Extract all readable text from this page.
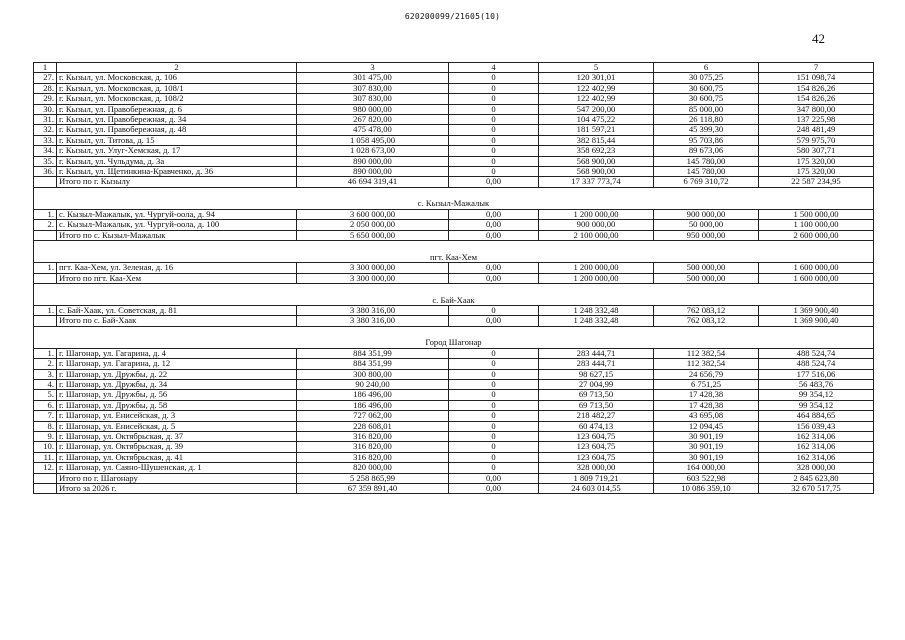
620200099/21605(10)
42
1	2	3	4	5	6	7
27.	г. Кызыл, ул. Московская, д. 106	301 475,00	0	120 301,01	30 075,25	151 098,74
28.	г. Кызыл, ул. Московская, д. 108/1	307 830,00	0	122 402,99	30 600,75	154 826,26
29.	г. Кызыл, ул. Московская, д. 108/2	307 830,00	0	122 402,99	30 600,75	154 826,26
30.	г. Кызыл, ул. Правобережная, д. 6	980 000,00	0	547 200,00	85 000,00	347 800,00
31.	г. Кызыл, ул. Правобережная, д. 34	267 820,00	0	104 475,22	26 118,80	137 225,98
32.	г. Кызыл, ул. Правобережная, д. 48	475 478,00	0	181 597,21	45 399,30	248 481,49
33.	г. Кызыл, ул. Титова, д. 15	1 058 495,00	0	382 815,44	95 703,86	579 975,70
34.	г. Кызыл, ул. Улуг-Хемская, д. 17	1 028 673,00	0	358 692,23	89 673,06	580 307,71
35.	г. Кызыл, ул. Чульдума, д. 3а	890 000,00	0	568 900,00	145 780,00	175 320,00
36.	г. Кызыл, ул. Щетинкина-Кравченко, д. 36	890 000,00	0	568 900,00	145 780,00	175 320,00
	Итого по г. Кызылу	46 694 319,41	0,00	17 337 773,74	6 769 310,72	22 587 234,95
с. Кызыл-Мажалык						
1.	с. Кызыл-Мажалык, ул. Чургуй-оола, д. 94	3 600 000,00	0,00	1 200 000,00	900 000,00	1 500 000,00
2.	с. Кызыл-Мажалык, ул. Чургуй-оола, д. 100	2 050 000,00	0,00	900 000,00	50 000,00	1 100 000,00
	Итого по с. Кызыл-Мажалык	5 650 000,00	0,00	2 100 000,00	950 000,00	2 600 000,00
пгт. Каа-Хем						
1.	пгт. Каа-Хем, ул. Зеленая, д. 16	3 300 000,00	0,00	1 200 000,00	500 000,00	1 600 000,00
	Итого по пгт. Каа-Хем	3 300 000,00	0,00	1 200 000,00	500 000,00	1 600 000,00
с. Бай-Хаак						
1.	с. Бай-Хаак, ул. Советская, д. 81	3 380 316,00	0	1 248 332,48	762 083,12	1 369 900,40
	Итого по с. Бай-Хаак	3 380 316,00	0,00	1 248 332,48	762 083,12	1 369 900,40
Город Шагонар						
1.	г. Шагонар, ул. Гагарина, д. 4	884 351,99	0	283 444,71	112 382,54	488 524,74
2.	г. Шагонар, ул. Гагарина, д. 12	884 351,99	0	283 444,71	112 382,54	488 524,74
3.	г. Шагонар, ул. Дружбы, д. 22	300 800,00	0	98 627,15	24 656,79	177 516,06
4.	г. Шагонар, ул. Дружбы, д. 34	90 240,00	0	27 004,99	6 751,25	56 483,76
5.	г. Шагонар, ул. Дружбы, д. 56	186 496,00	0	69 713,50	17 428,38	99 354,12
6.	г. Шагонар, ул. Дружбы, д. 58	186 496,00	0	69 713,50	17 428,38	99 354,12
7.	г. Шагонар, ул. Енисейская, д. 3	727 062,00	0	218 482,27	43 695,08	464 884,65
8.	г. Шагонар, ул. Енисейская, д. 5	228 608,01	0	60 474,13	12 094,45	156 039,43
9.	г. Шагонар, ул. Октябрьская, д. 37	316 820,00	0	123 604,75	30 901,19	162 314,06
10.	г. Шагонар, ул. Октябрьская, д. 39	316 820,00	0	123 604,75	30 901,19	162 314,06
11.	г. Шагонар, ул. Октябрьская, д. 41	316 820,00	0	123 604,75	30 901,19	162 314,06
12.	г. Шагонар, ул. Саяно-Шушенская, д. 1	820 000,00	0	328 000,00	164 000,00	328 000,00
	Итого по г. Шагонару	5 258 865,99	0,00	1 809 719,21	603 522,98	2 845 623,80
	Итого за 2026 г.	67 359 891,40	0,00	24 603 014,55	10 086 359,10	32 670 517,75
